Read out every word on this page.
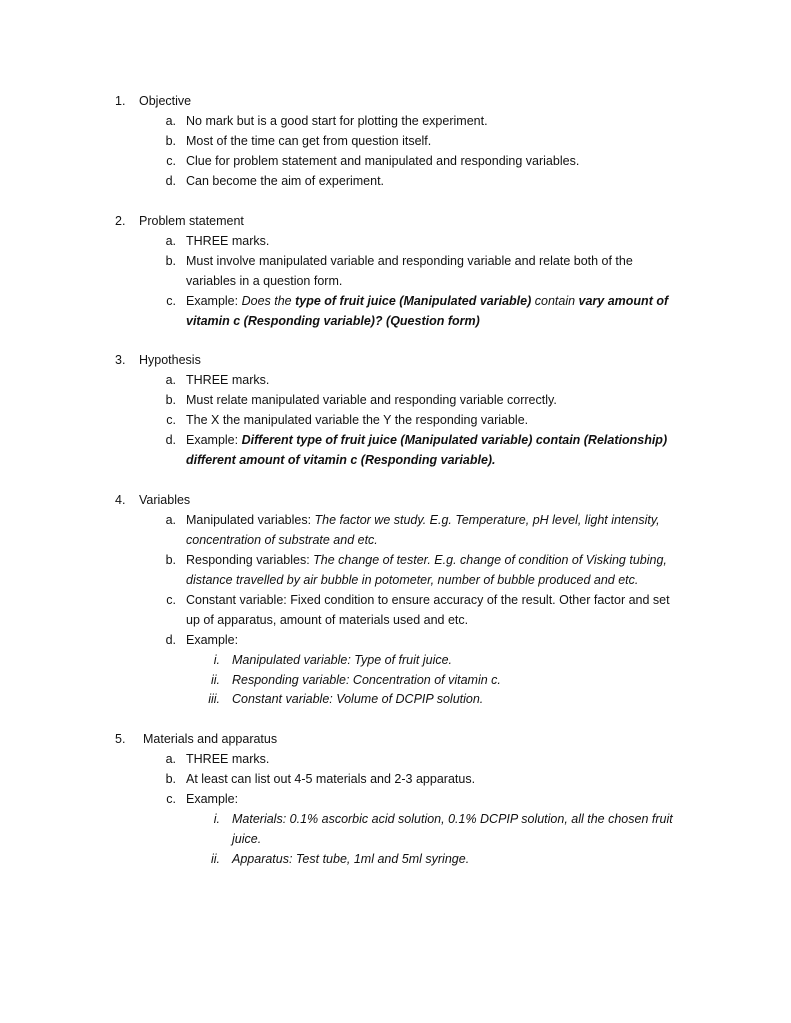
1. Objective
a. No mark but is a good start for plotting the experiment.
b. Most of the time can get from question itself.
c. Clue for problem statement and manipulated and responding variables.
d. Can become the aim of experiment.
2. Problem statement
a. THREE marks.
b. Must involve manipulated variable and responding variable and relate both of the
variables in a question form.
c. Example: Does the type of fruit juice (Manipulated variable) contain vary amount of
vitamin c (Responding variable)? (Question form)
3. Hypothesis
a. THREE marks.
b. Must relate manipulated variable and responding variable correctly.
c. The X the manipulated variable the Y the responding variable.
d. Example: Different type of fruit juice (Manipulated variable) contain (Relationship)
different amount of vitamin c (Responding variable).
4. Variables
a. Manipulated variables: The factor we study. E.g. Temperature, pH level, light intensity,
concentration of substrate and etc.
b. Responding variables: The change of tester. E.g. change of condition of Visking tubing,
distance travelled by air bubble in potometer, number of bubble produced and etc.
c. Constant variable: Fixed condition to ensure accuracy of the result. Other factor and set
up of apparatus, amount of materials used and etc.
d. Example:
i. Manipulated variable: Type of fruit juice.
ii. Responding variable: Concentration of vitamin c.
iii. Constant variable: Volume of DCPIP solution.
5. Materials and apparatus
a. THREE marks.
b. At least can list out 4-5 materials and 2-3 apparatus.
c. Example:
i. Materials: 0.1% ascorbic acid solution, 0.1% DCPIP solution, all the chosen fruit
juice.
ii. Apparatus: Test tube, 1ml and 5ml syringe.
